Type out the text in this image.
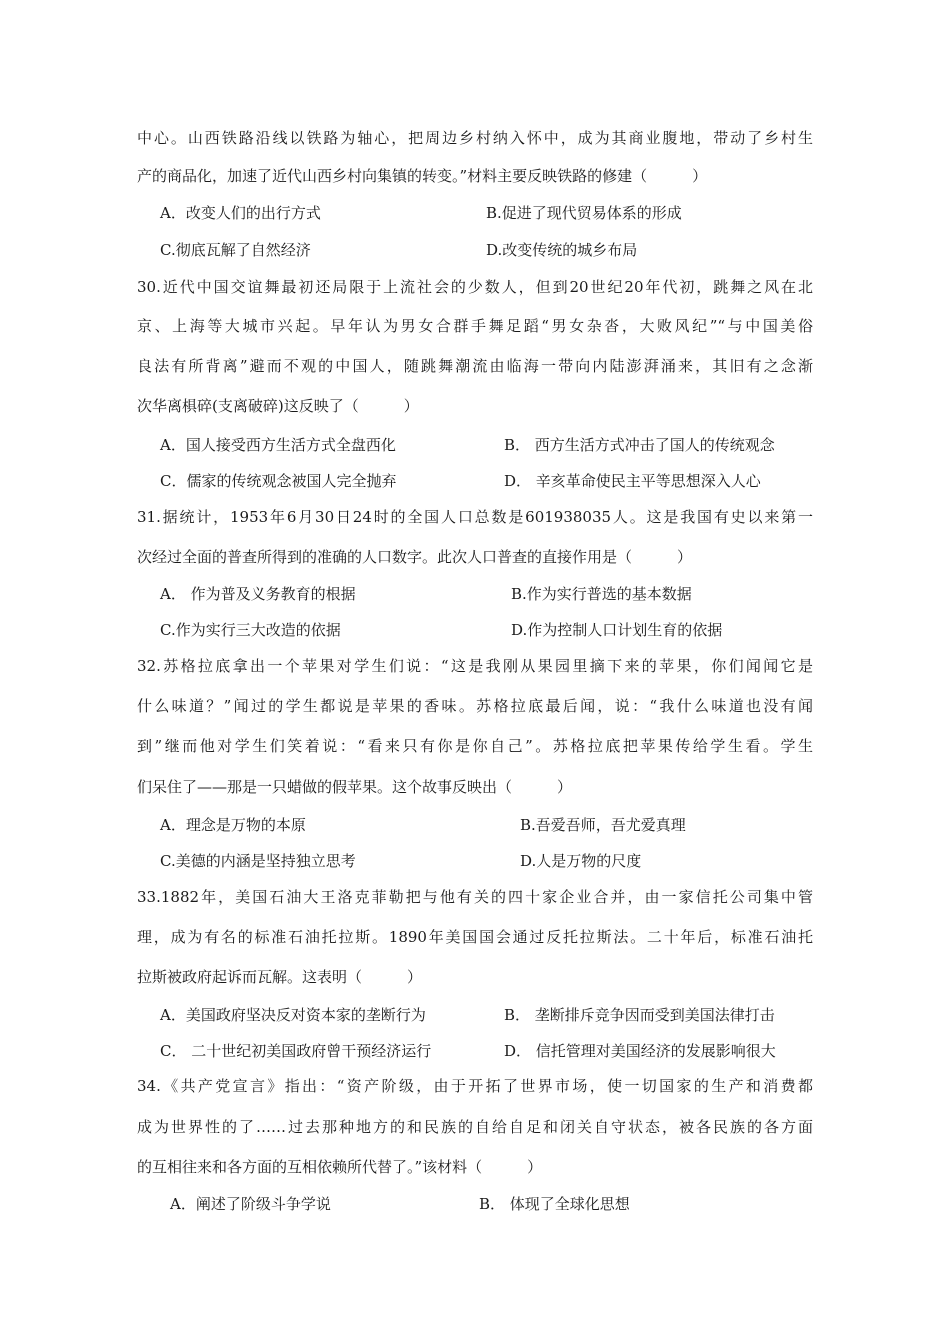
中心。山西铁路沿线以铁路为轴心，把周边乡村纳入怀中，成为其商业腹地，带动了乡村生
产的商品化，加速了近代山西乡村向集镇的转变。”材料主要反映铁路的修建（　　　）
A．改变人们的出行方式	B.促进了现代贸易体系的形成
C.彻底瓦解了自然经济	D.改变传统的城乡布局
30.近代中国交谊舞最初还局限于上流社会的少数人，但到20世纪20年代初，跳舞之风在北
京、上海等大城市兴起。早年认为男女合群手舞足蹈“男女杂沓，大败风纪”“与中国美俗
良法有所背离”避而不观的中国人，随跳舞潮流由临海一带向内陆澎湃涌来，其旧有之念渐
次华离椇碎(支离破碎)这反映了（　　　）
A．国人接受西方生活方式全盘西化	B． 西方生活方式冲击了国人的传统观念
C．儒家的传统观念被国人完全抛弃	D． 辛亥革命使民主平等思想深入人心
31.据统计，1953年6月30日24时的全国人口总数是601938035人。这是我国有史以来第一
次经过全面的普查所得到的准确的人口数字。此次人口普查的直接作用是（　　　）
A． 作为普及义务教育的根据	B.作为实行普选的基本数据
C.作为实行三大改造的依据	D.作为控制人口计划生育的依据
32.苏格拉底拿出一个苹果对学生们说：“这是我刚从果园里摘下来的苹果，你们闻闻它是
什么味道？”闻过的学生都说是苹果的香味。苏格拉底最后闻，说：“我什么味道也没有闻
到”继而他对学生们笑着说：“看来只有你是你自己”。苏格拉底把苹果传给学生看。学生
们呆住了——那是一只蜡做的假苹果。这个故事反映出（　　　）
A．理念是万物的本原	B.吾爱吾师，吾尤爱真理
C.美德的内涵是坚持独立思考	D.人是万物的尺度
33.1882年，美国石油大王洛克菲勒把与他有关的四十家企业合并，由一家信托公司集中管
理，成为有名的标准石油托拉斯。1890年美国国会通过反托拉斯法。二十年后，标准石油托
拉斯被政府起诉而瓦解。这表明（　　　）
A．美国政府坚决反对资本家的垄断行为	B． 垄断排斥竞争因而受到美国法律打击
C． 二十世纪初美国政府曾干预经济运行	D． 信托管理对美国经济的发展影响很大
34.《共产党宣言》指出：“资产阶级，由于开拓了世界市场，使一切国家的生产和消费都
成为世界性的了……过去那种地方的和民族的自给自足和闭关自守状态，被各民族的各方面
的互相往来和各方面的互相依赖所代替了。”该材料（　　　）
A．阐述了阶级斗争学说	B． 体现了全球化思想
